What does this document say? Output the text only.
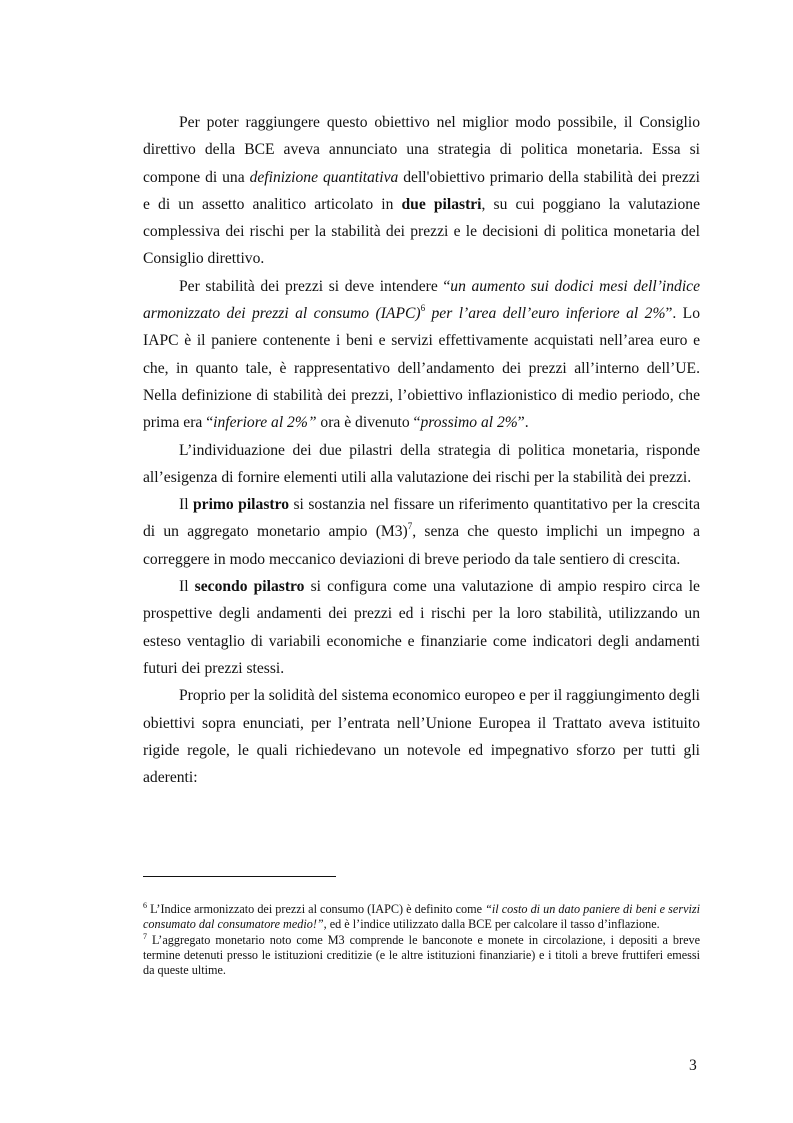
Per poter raggiungere questo obiettivo nel miglior modo possibile, il Consiglio direttivo della BCE aveva annunciato una strategia di politica monetaria. Essa si compone di una definizione quantitativa dell'obiettivo primario della stabilità dei prezzi e di un assetto analitico articolato in due pilastri, su cui poggiano la valutazione complessiva dei rischi per la stabilità dei prezzi e le decisioni di politica monetaria del Consiglio direttivo.

Per stabilità dei prezzi si deve intendere “un aumento sui dodici mesi dell’indice armonizzato dei prezzi al consumo (IAPC)$^6$ per l’area dell’euro inferiore al 2%”. Lo IAPC è il paniere contenente i beni e servizi effettivamente acquistati nell’area euro e che, in quanto tale, è rappresentativo dell’andamento dei prezzi all’interno dell’UE. Nella definizione di stabilità dei prezzi, l’obiettivo inflazionistico di medio periodo, che prima era “inferiore al 2%” ora è divenuto “prossimo al 2%”.

L’individuazione dei due pilastri della strategia di politica monetaria, risponde all’esigenza di fornire elementi utili alla valutazione dei rischi per la stabilità dei prezzi.

Il primo pilastro si sostanzia nel fissare un riferimento quantitativo per la crescita di un aggregato monetario ampio $(M3)^7$, senza che questo implichi un impegno a correggere in modo meccanico deviazioni di breve periodo da tale sentiero di crescita.

Il secondo pilastro si configura come una valutazione di ampio respiro circa le prospettive degli andamenti dei prezzi ed i rischi per la loro stabilità, utilizzando un esteso ventaglio di variabili economiche e finanziarie come indicatori degli andamenti futuri dei prezzi stessi.

Proprio per la solidità del sistema economico europeo e per il raggiungimento degli obiettivi sopra enunciati, per l’entrata nell’Unione Europea il Trattato aveva istituito rigide regole, le quali richiedevano un notevole ed impegnativo sforzo per tutti gli aderenti:

$^6$ L’Indice armonizzato dei prezzi al consumo (IAPC) è definito come “il costo di un dato paniere di beni e servizi consumato dal consumatore medio!”, ed è l’indice utilizzato dalla BCE per calcolare il tasso d’inflazione.

$^7$ L’aggregato monetario noto come M3 comprende le banconote e monete in circolazione, i depositi a breve termine detenuti presso le istituzioni creditizie (e le altre istituzioni finanziarie) e i titoli a breve fruttiferi emessi da queste ultime.

3
